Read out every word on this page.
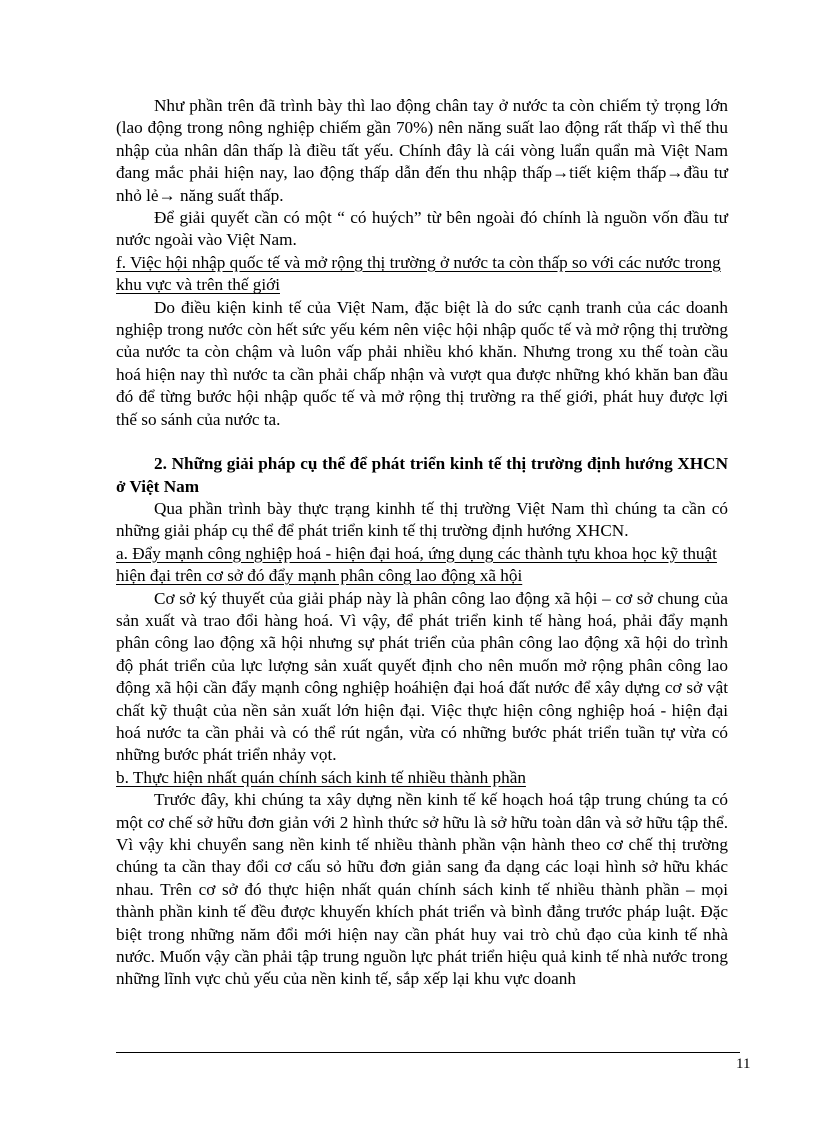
Như phần trên đã trình bày thì lao động chân tay ở nước ta còn chiếm tỷ trọng lớn (lao động trong nông nghiệp chiếm gần 70%) nên năng suất lao động rất thấp vì thế thu nhập của nhân dân thấp là điều tất yếu. Chính đây là cái vòng luẩn quẩn mà Việt Nam đang mắc phải hiện nay, lao động thấp dẫn đến thu nhập thấp→tiết kiệm thấp→đầu tư nhỏ lẻ→ năng suất thấp.

Để giải quyết cần có một “ có huých” từ bên ngoài đó chính là nguồn vốn đầu tư nước ngoài vào Việt Nam.

f. Việc hội nhập quốc tế và mở rộng thị trường ở nước ta còn thấp so với các nước trong khu vực và trên thế giới

Do điều kiện kinh tế của Việt Nam, đặc biệt là do sức cạnh tranh của các doanh nghiệp trong nước còn hết sức yếu kém nên việc hội nhập quốc tế và mở rộng thị trường của nước ta còn chậm và luôn vấp phải nhiều khó khăn. Nhưng trong xu thế toàn cầu hoá hiện nay thì nước ta cần phải chấp nhận và vượt qua được những khó khăn ban đầu đó để từng bước hội nhập quốc tế và mở rộng thị trường ra thế giới, phát huy được lợi thế so sánh của nước ta.

2. Những giải pháp cụ thể để phát triển kinh tế thị trường định hướng XHCN ở Việt Nam

Qua phần trình bày thực trạng kinhh tế thị trường Việt Nam thì chúng ta cần có những giải pháp cụ thể để phát triển kinh tế thị trường định hướng XHCN.

a. Đẩy mạnh công nghiệp hoá - hiện đại hoá, ứng dụng các thành tựu khoa học kỹ thuật hiện đại trên cơ sở đó đẩy mạnh phân công lao động xã hội

Cơ sở ký thuyết của giải pháp này là phân công lao động xã hội – cơ sở chung của sản xuất và trao đổi hàng hoá. Vì vậy, để phát triển kinh tế hàng hoá, phải đẩy mạnh phân công lao động xã hội nhưng sự phát triển của phân công lao động xã hội do trình độ phát triển của lực lượng sản xuất quyết định cho nên muốn mở rộng phân công lao động xã hội cần đẩy mạnh công nghiệp hoáhiện đại hoá đất nước để xây dựng cơ sở vật chất kỹ thuật của nền sản xuất lớn hiện đại. Việc thực hiện công nghiệp hoá - hiện đại hoá nước ta cần phải và có thể rút ngắn, vừa có những bước phát triển tuần tự vừa có những bước phát triển nhảy vọt.

b. Thực hiện nhất quán chính sách kinh tế nhiều thành phần

Trước đây, khi chúng ta xây dựng nền kinh tế kế hoạch hoá tập trung chúng ta có một cơ chế sở hữu đơn giản với 2 hình thức sở hữu là sở hữu toàn dân và sở hữu tập thể. Vì vậy khi chuyển sang nền kinh tế nhiều thành phần vận hành theo cơ chế thị trường chúng ta cần thay đổi cơ cấu sỏ hữu đơn giản sang đa dạng các loại hình sở hữu khác nhau. Trên cơ sở đó thực hiện nhất quán chính sách kinh tế nhiều thành phần – mọi thành phần kinh tế đều được khuyến khích phát triển và bình đẳng trước pháp luật. Đặc biệt trong những năm đổi mới hiện nay cần phát huy vai trò chủ đạo của kinh tế nhà nước. Muốn vậy cần phải tập trung nguồn lực phát triển hiệu quả kinh tế nhà nước trong những lĩnh vực chủ yếu của nền kinh tế, sắp xếp lại khu vực doanh

11
